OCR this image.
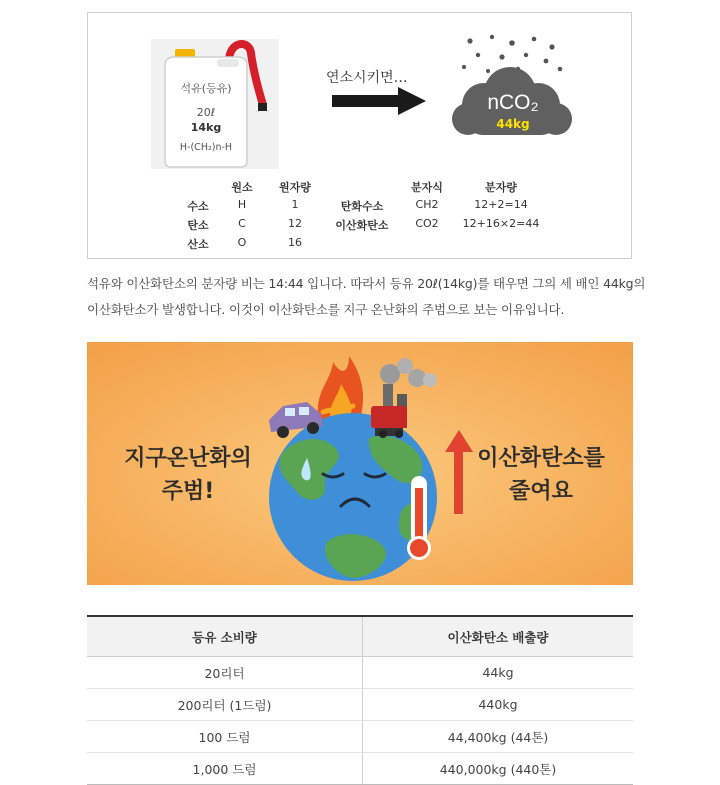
석유(등유)
20ℓ
14kg
H-(CH₂)n-H
연소시키면…
nCO₂
44kg
원소 원자량
수소	H	1
탄소	C	12
산소	O	16
분자식	분자량
탄화수소	CH2	12+2=14
이산화탄소 CO2 12+16×2=44

석유와 이산화탄소의 분자량 비는 14:44 입니다. 따라서 등유 20ℓ(14kg)를 태우면 그의 세 배인 44kg의

이산화탄소가 발생합니다. 이것이 이산화탄소를 지구 온난화의 주범으로 보는 이유입니다.

지구온난화의
주범!
이산화탄소를
줄여요
등유 소비량	이산화탄소 배출량
20리터	44kg
200리터 (1드럼)	440kg
100 드럼	44,400kg (44톤)
1,000 드럼	440,000kg (440톤)
